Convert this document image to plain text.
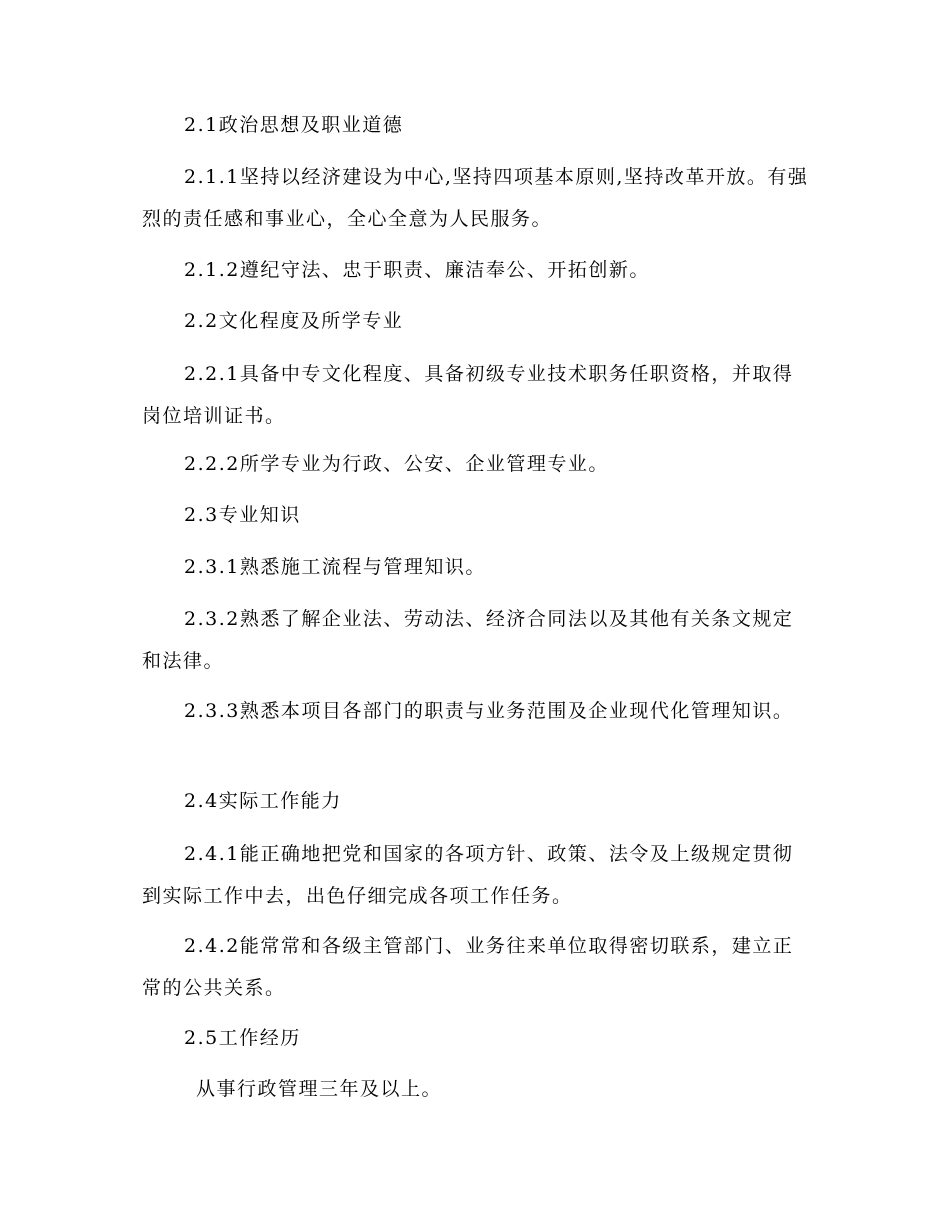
2.1政治思想及职业道德

2.1.1坚持以经济建设为中心,坚持四项基本原则,坚持改革开放。有强烈的责任感和事业心，全心全意为人民服务。

2.1.2遵纪守法、忠于职责、廉洁奉公、开拓创新。

2.2文化程度及所学专业

2.2.1具备中专文化程度、具备初级专业技术职务任职资格，并取得岗位培训证书。

2.2.2所学专业为行政、公安、企业管理专业。

2.3专业知识

2.3.1熟悉施工流程与管理知识。

2.3.2熟悉了解企业法、劳动法、经济合同法以及其他有关条文规定和法律。

2.3.3熟悉本项目各部门的职责与业务范围及企业现代化管理知识。

2.4实际工作能力

2.4.1能正确地把党和国家的各项方针、政策、法令及上级规定贯彻到实际工作中去，出色仔细完成各项工作任务。

2.4.2能常常和各级主管部门、业务往来单位取得密切联系，建立正常的公共关系。

2.5工作经历

从事行政管理三年及以上。
